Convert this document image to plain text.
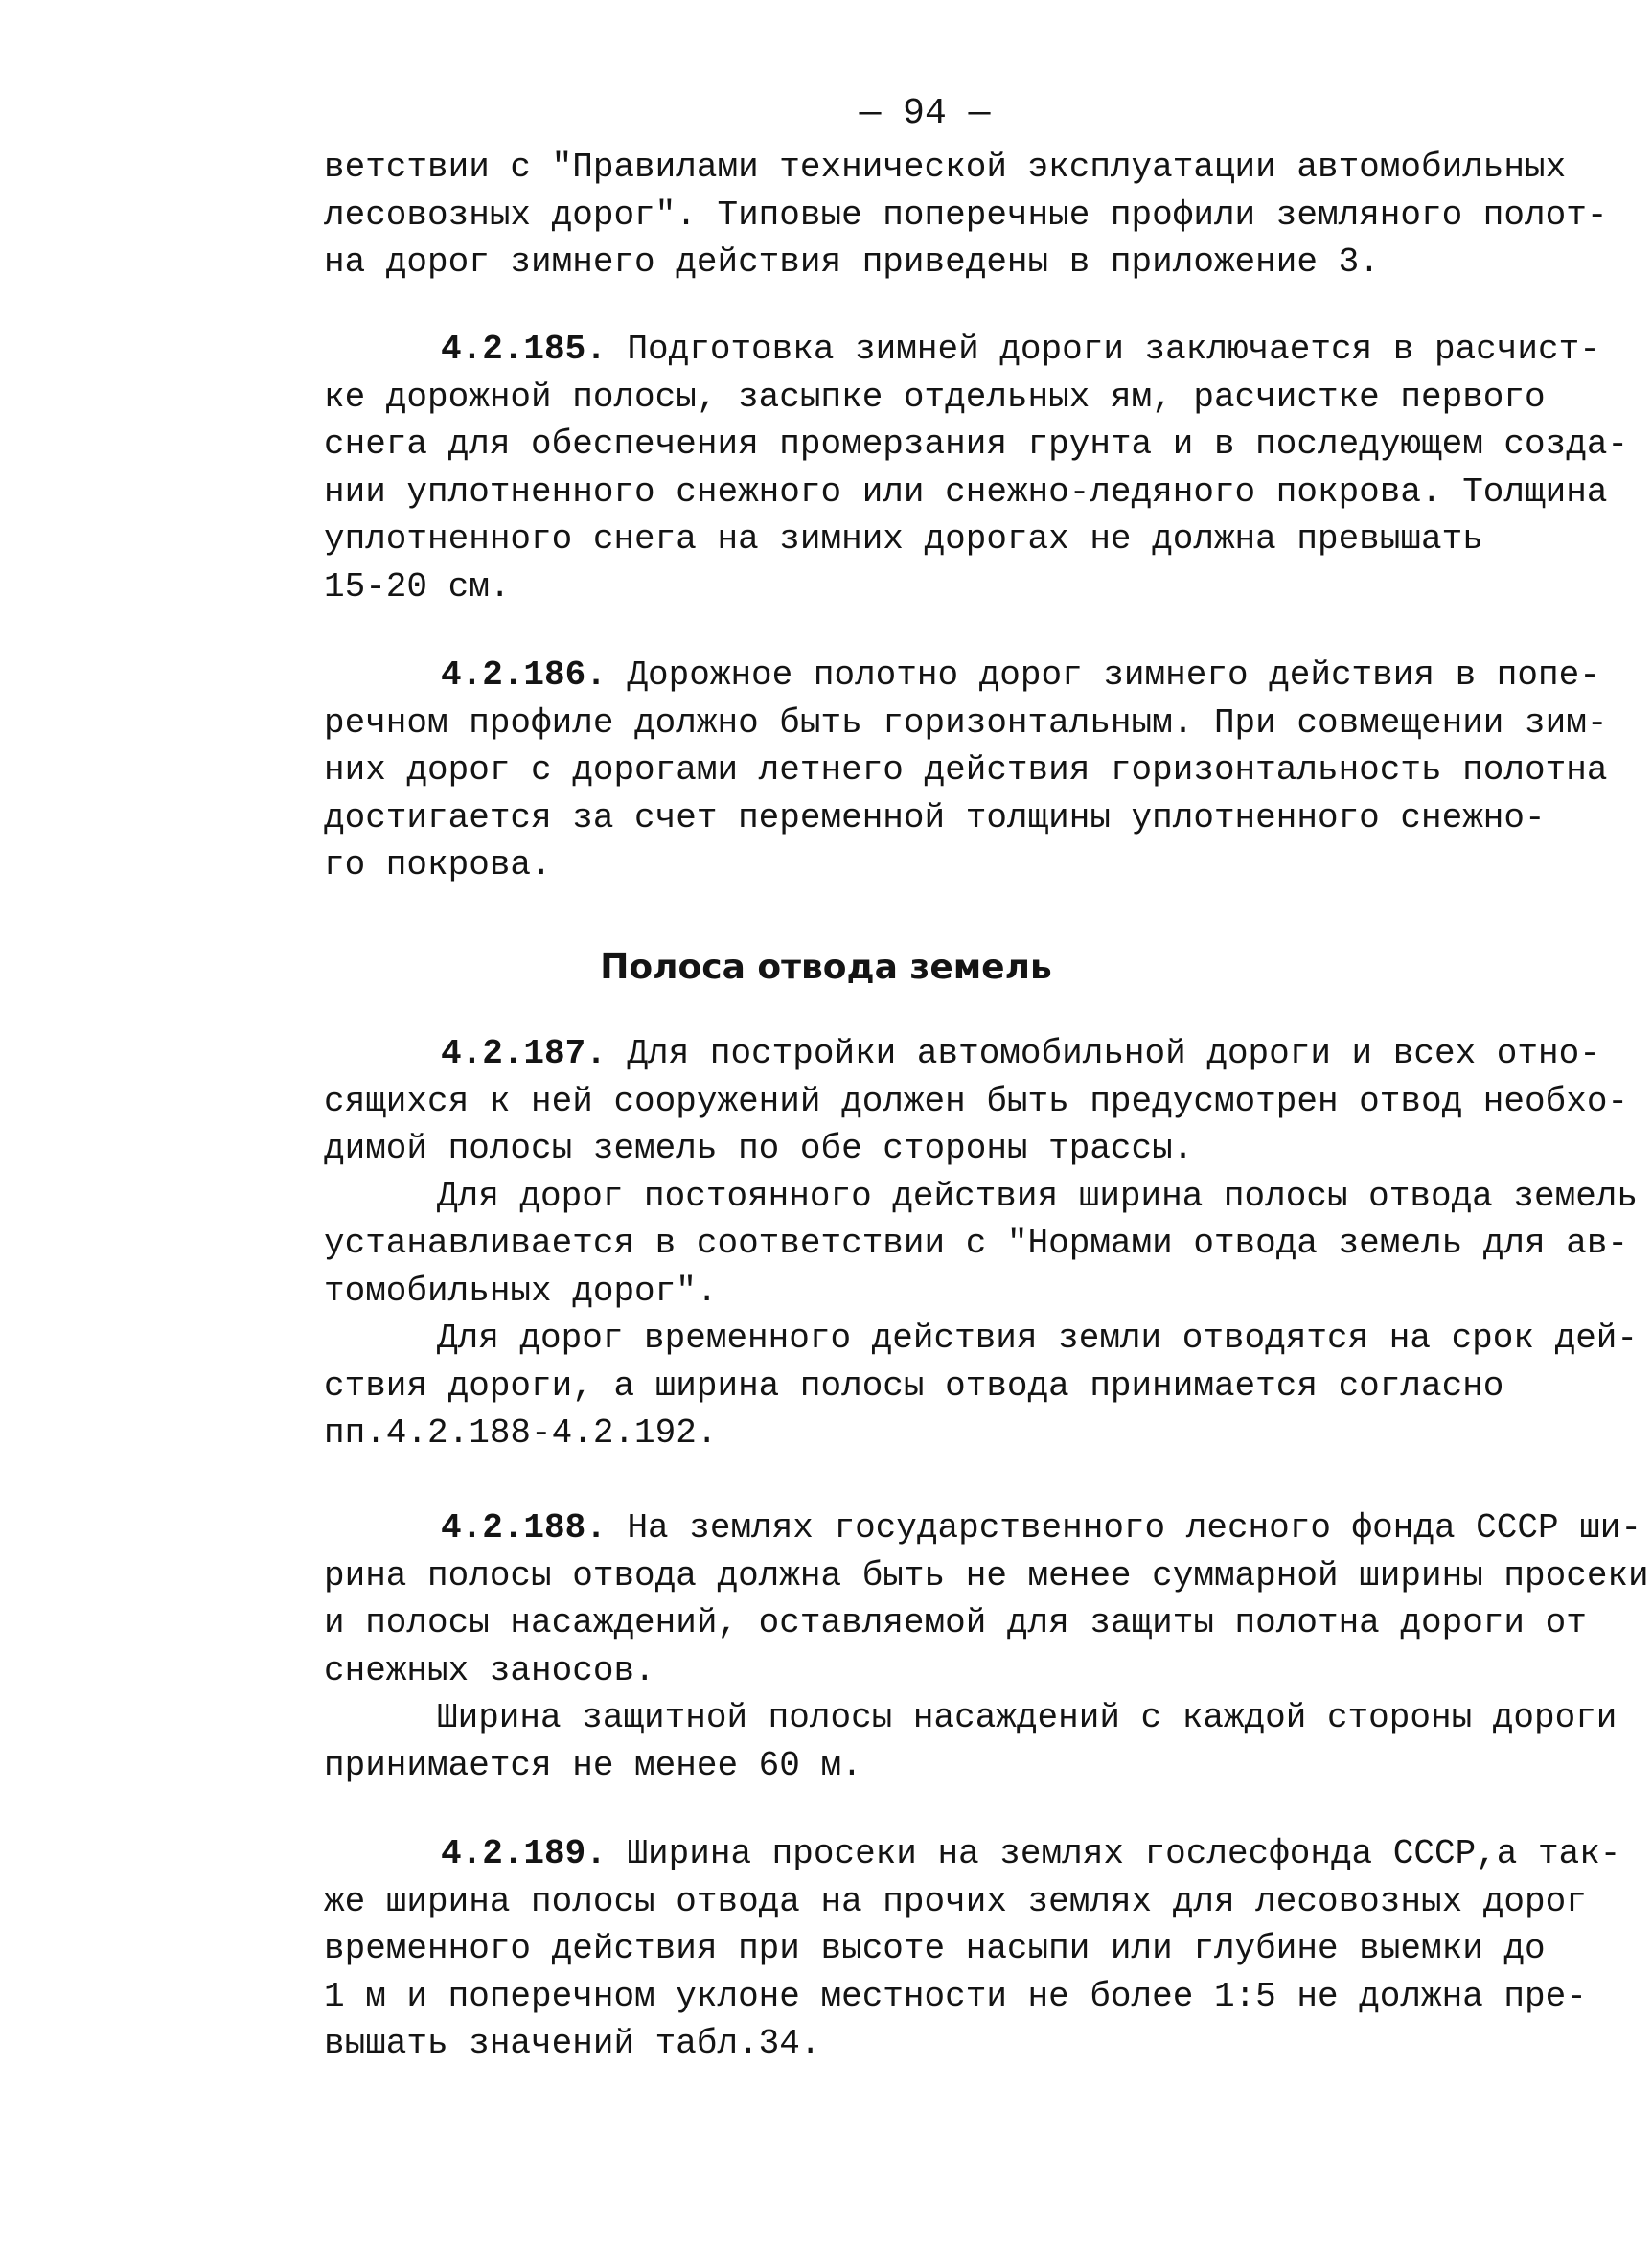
— 94 —
ветствии с "Правилами технической эксплуатации автомобильных
лесовозных дорог". Типовые поперечные профили земляного полот-
на дорог зимнего действия приведены в приложение 3.
4.2.185. Подготовка зимней дороги заключается в расчист-
ке дорожной полосы, засыпке отдельных ям, расчистке первого
снега для обеспечения промерзания грунта и в последующем созда-
нии уплотненного снежного или снежно-ледяного покрова. Толщина
уплотненного снега на зимних дорогах не должна превышать
15-20 см.
4.2.186. Дорожное полотно дорог зимнего действия в попе-
речном профиле должно быть горизонтальным. При совмещении зим-
них дорог с дорогами летнего действия горизонтальность полотна
достигается за счет переменной толщины уплотненного снежно-
го покрова.
Полоса отвода земель
4.2.187. Для постройки автомобильной дороги и всех отно-
сящихся к ней сооружений должен быть предусмотрен отвод необхо-
димой полосы земель по обе стороны трассы.
Для дорог постоянного действия ширина полосы отвода земель
устанавливается в соответствии с "Нормами отвода земель для ав-
томобильных дорог".
Для дорог временного действия земли отводятся на срок дей-
ствия дороги, а ширина полосы отвода принимается согласно
пп.4.2.188-4.2.192.
4.2.188. На землях государственного лесного фонда СССР ши-
рина полосы отвода должна быть не менее суммарной ширины просеки
и полосы насаждений, оставляемой для защиты полотна дороги от
снежных заносов.
Ширина защитной полосы насаждений с каждой стороны дороги
принимается не менее 60 м.
4.2.189. Ширина просеки на землях гослесфонда СССР,а так-
же ширина полосы отвода на прочих землях для лесовозных дорог
временного действия при высоте насыпи или глубине выемки до
1 м и поперечном уклоне местности не более 1:5 не должна пре-
вышать значений табл.34.
